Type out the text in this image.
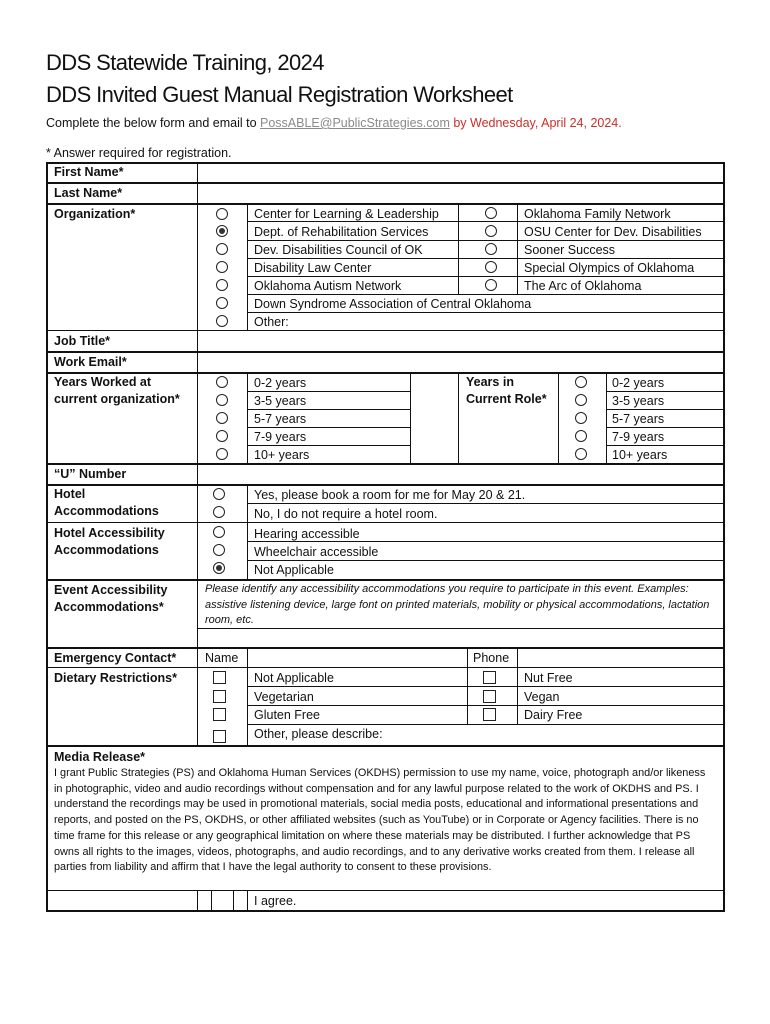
DDS Statewide Training, 2024
DDS Invited Guest Manual Registration Worksheet
Complete the below form and email to PossABLE@PublicStrategies.com by Wednesday, April 24, 2024.
* Answer required for registration.
First Name*
Last Name*
Organization*
Job Title*
Work Email*
Years Worked at
current organization*
Years in
Current Role*
“U” Number
Hotel
Accommodations
Hotel Accessibility
Accommodations
Event Accessibility
Accommodations*
Emergency Contact*
Dietary Restrictions*
Center for Learning & Leadership
Dept. of Rehabilitation Services
Dev. Disabilities Council of OK
Disability Law Center
Oklahoma Autism Network
Down Syndrome Association of Central Oklahoma
Other:
Oklahoma Family Network
OSU Center for Dev. Disabilities
Sooner Success
Special Olympics of Oklahoma
The Arc of Oklahoma
0-2 years
3-5 years
5-7 years
7-9 years
10+ years
0-2 years
3-5 years
5-7 years
7-9 years
10+ years
Yes, please book a room for me for May 20 & 21.
No, I do not require a hotel room.
Hearing accessible
Wheelchair accessible
Not Applicable
Please identify any accessibility accommodations you require to participate in this event. Examples: assistive listening device, large font on printed materials, mobility or physical accommodations, lactation room, etc.
Name	Phone
Not Applicable
Vegetarian
Gluten Free
Other, please describe:
Nut Free
Vegan
Dairy Free
Media Release*
I grant Public Strategies (PS) and Oklahoma Human Services (OKDHS) permission to use my name, voice, photograph and/or likeness in photographic, video and audio recordings without compensation and for any lawful purpose related to the work of OKDHS and PS. I understand the recordings may be used in promotional materials, social media posts, educational and informational presentations and reports, and posted on the PS, OKDHS, or other affiliated websites (such as YouTube) or in Corporate or Agency facilities. There is no time frame for this release or any geographical limitation on where these materials may be distributed. I further acknowledge that PS owns all rights to the images, videos, photographs, and audio recordings, and to any derivative works created from them. I release all parties from liability and affirm that I have the legal authority to consent to these provisions.
I agree.
